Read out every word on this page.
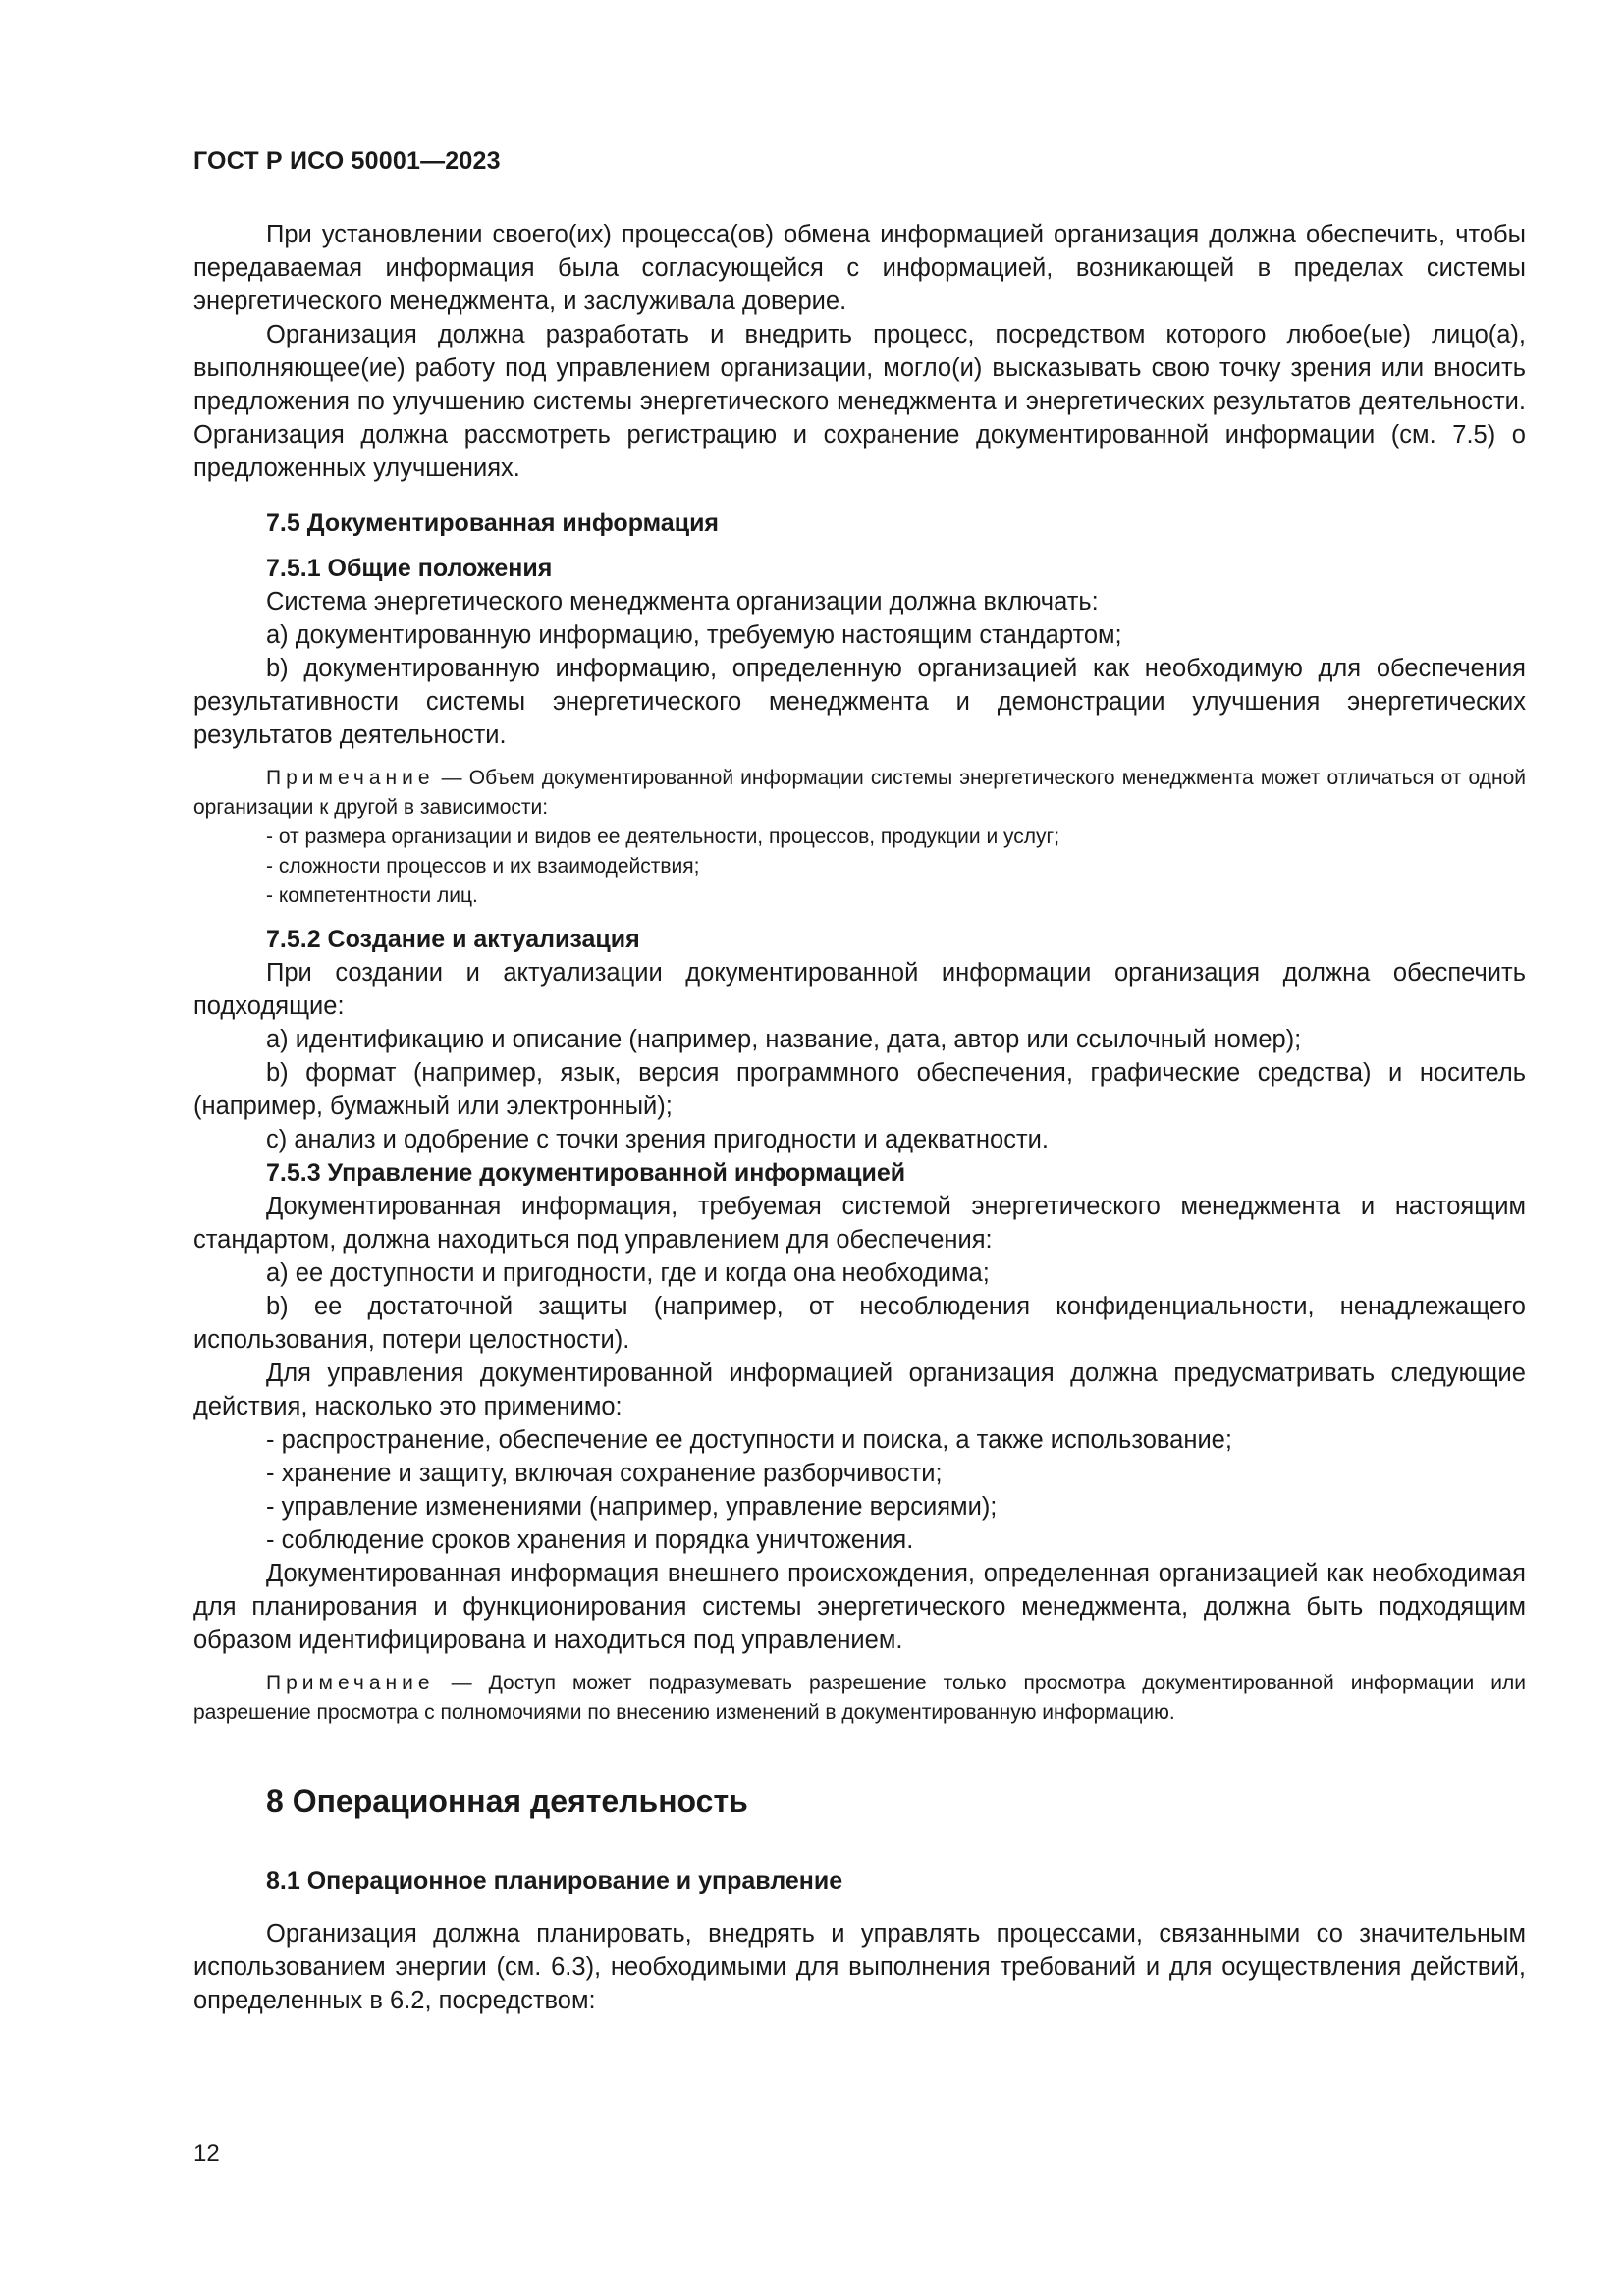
ГОСТ Р ИСО 50001—2023

При установлении своего(их) процесса(ов) обмена информацией организация должна обеспечить, чтобы передаваемая информация была согласующейся с информацией, возникающей в пределах системы энергетического менеджмента, и заслуживала доверие.

Организация должна разработать и внедрить процесс, посредством которого любое(ые) лицо(а), выполняющее(ие) работу под управлением организации, могло(и) высказывать свою точку зрения или вносить предложения по улучшению системы энергетического менеджмента и энергетических результатов деятельности. Организация должна рассмотреть регистрацию и сохранение документированной информации (см. 7.5) о предложенных улучшениях.

7.5 Документированная информация
7.5.1 Общие положения

Система энергетического менеджмента организации должна включать:

a) документированную информацию, требуемую настоящим стандартом;

b) документированную информацию, определенную организацией как необходимую для обеспечения результативности системы энергетического менеджмента и демонстрации улучшения энергетических результатов деятельности.

Примечание — Объем документированной информации системы энергетического менеджмента может отличаться от одной организации к другой в зависимости:

- от размера организации и видов ее деятельности, процессов, продукции и услуг;
- сложности процессов и их взаимодействия;
- компетентности лиц.
7.5.2 Создание и актуализация

При создании и актуализации документированной информации организация должна обеспечить подходящие:

a) идентификацию и описание (например, название, дата, автор или ссылочный номер);

b) формат (например, язык, версия программного обеспечения, графические средства) и носитель (например, бумажный или электронный);

c) анализ и одобрение с точки зрения пригодности и адекватности.

7.5.3 Управление документированной информацией

Документированная информация, требуемая системой энергетического менеджмента и настоящим стандартом, должна находиться под управлением для обеспечения:

a) ее доступности и пригодности, где и когда она необходима;

b) ее достаточной защиты (например, от несоблюдения конфиденциальности, ненадлежащего использования, потери целостности).

Для управления документированной информацией организация должна предусматривать следующие действия, насколько это применимо:

- распространение, обеспечение ее доступности и поиска, а также использование;

- хранение и защиту, включая сохранение разборчивости;

- управление изменениями (например, управление версиями);

- соблюдение сроков хранения и порядка уничтожения.

Документированная информация внешнего происхождения, определенная организацией как необходимая для планирования и функционирования системы энергетического менеджмента, должна быть подходящим образом идентифицирована и находиться под управлением.

Примечание — Доступ может подразумевать разрешение только просмотра документированной информации или разрешение просмотра с полномочиями по внесению изменений в документированную информацию.

8 Операционная деятельность
8.1 Операционное планирование и управление

Организация должна планировать, внедрять и управлять процессами, связанными со значительным использованием энергии (см. 6.3), необходимыми для выполнения требований и для осуществления действий, определенных в 6.2, посредством:

12
